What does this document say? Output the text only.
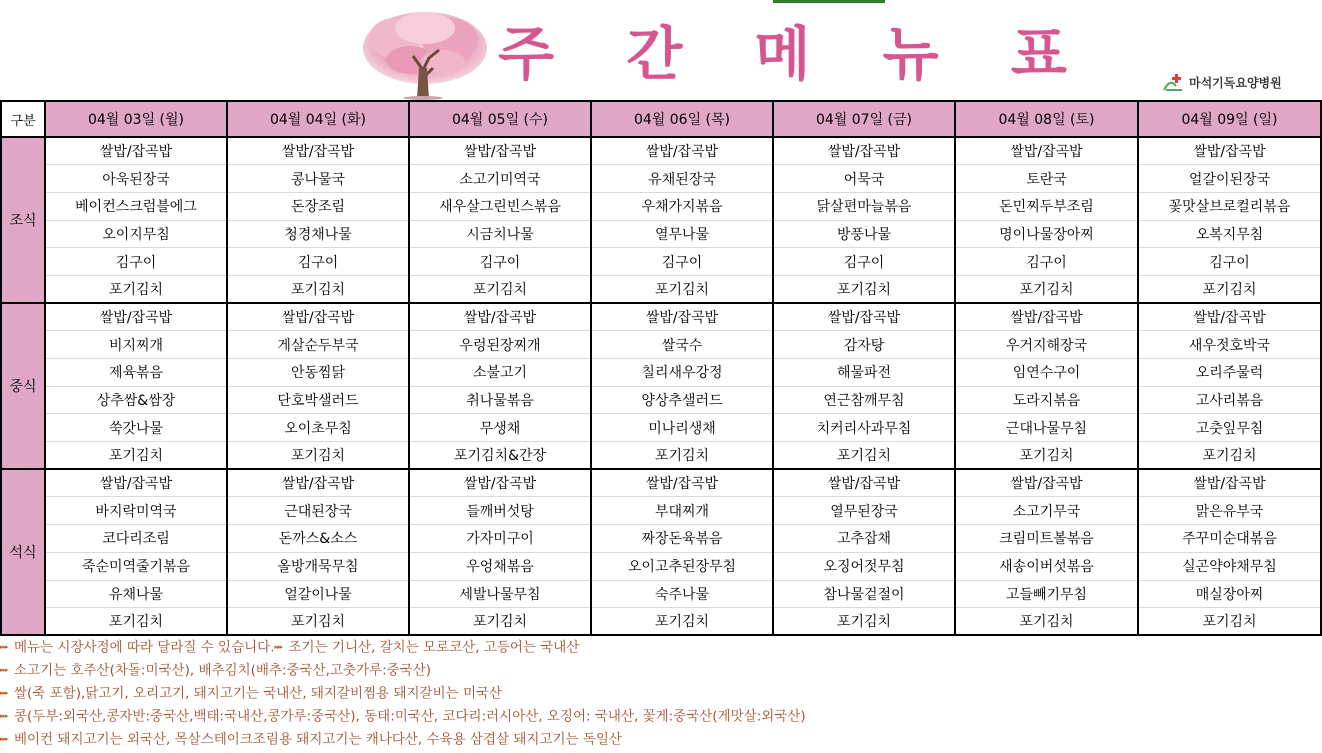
주 간 메 뉴 표	마석기독요양병원
구분	04월 03일 (월)	04월 04일 (화)	04월 05일 (수)	04월 06일 (목)	04월 07일 (금)	04월 08일 (토)	04월 09일 (일)
조식	쌀밥/잡곡밥	쌀밥/잡곡밥	쌀밥/잡곡밥	쌀밥/잡곡밥	쌀밥/잡곡밥	쌀밥/잡곡밥	쌀밥/잡곡밥
	아욱된장국	콩나물국	소고기미역국	유채된장국	어묵국	토란국	얼갈이된장국
	베이컨스크럼블에그	돈장조림	새우살그린빈스볶음	우채가지볶음	닭살편마늘볶음	돈민찌두부조림	꽃맛살브로컬리볶음
	오이지무침	청경채나물	시금치나물	열무나물	방풍나물	명이나물장아찌	오복지무침
	김구이	김구이	김구이	김구이	김구이	김구이	김구이
	포기김치	포기김치	포기김치	포기김치	포기김치	포기김치	포기김치
중식	쌀밥/잡곡밥	쌀밥/잡곡밥	쌀밥/잡곡밥	쌀밥/잡곡밥	쌀밥/잡곡밥	쌀밥/잡곡밥	쌀밥/잡곡밥
	비지찌개	게살순두부국	우렁된장찌개	쌀국수	감자탕	우거지해장국	새우젓호박국
	제육볶음	안동찜닭	소불고기	칠리새우강정	해물파전	임연수구이	오리주물럭
	상추쌈&쌈장	단호박샐러드	취나물볶음	양상추샐러드	연근참깨무침	도라지볶음	고사리볶음
	쑥갓나물	오이초무침	무생채	미나리생채	치커리사과무침	근대나물무침	고춧잎무침
	포기김치	포기김치	포기김치&간장	포기김치	포기김치	포기김치	포기김치
석식	쌀밥/잡곡밥	쌀밥/잡곡밥	쌀밥/잡곡밥	쌀밥/잡곡밥	쌀밥/잡곡밥	쌀밥/잡곡밥	쌀밥/잡곡밥
	바지락미역국	근대된장국	들깨버섯탕	부대찌개	열무된장국	소고기무국	맑은유부국
	코다리조림	돈까스&소스	가자미구이	짜장돈육볶음	고추잡채	크림미트볼볶음	주꾸미순대볶음
	죽순미역줄기볶음	올방개묵무침	우엉채볶음	오이고추된장무침	오징어젓무침	새송이버섯볶음	실곤약야채무침
	유채나물	얼갈이나물	세발나물무침	숙주나물	참나물겉절이	고들빼기무침	매실장아찌
	포기김치	포기김치	포기김치	포기김치	포기김치	포기김치	포기김치
▸▸▸ 메뉴는 시장사정에 따라 달라질 수 있습니다.▸▸▸ 조기는 기니산, 갈치는 모로코산, 고등어는 국내산
▸▸▸ 소고기는 호주산(차돌:미국산), 배추김치(배추:중국산,고춧가루:중국산)
▸▸▸ 쌀(죽 포함),닭고기, 오리고기, 돼지고기는 국내산, 돼지갈비찜용 돼지갈비는 미국산
▸▸▸ 콩(두부:외국산,콩자반:중국산,백태:국내산,콩가루:중국산), 동태:미국산, 코다리:러시아산, 오징어: 국내산, 꽃게:중국산(게맛살:외국산)
▸▸▸ 베이컨 돼지고기는 외국산, 목살스테이크조림용 돼지고기는 캐나다산, 수육용 삼겹살 돼지고기는 독일산
